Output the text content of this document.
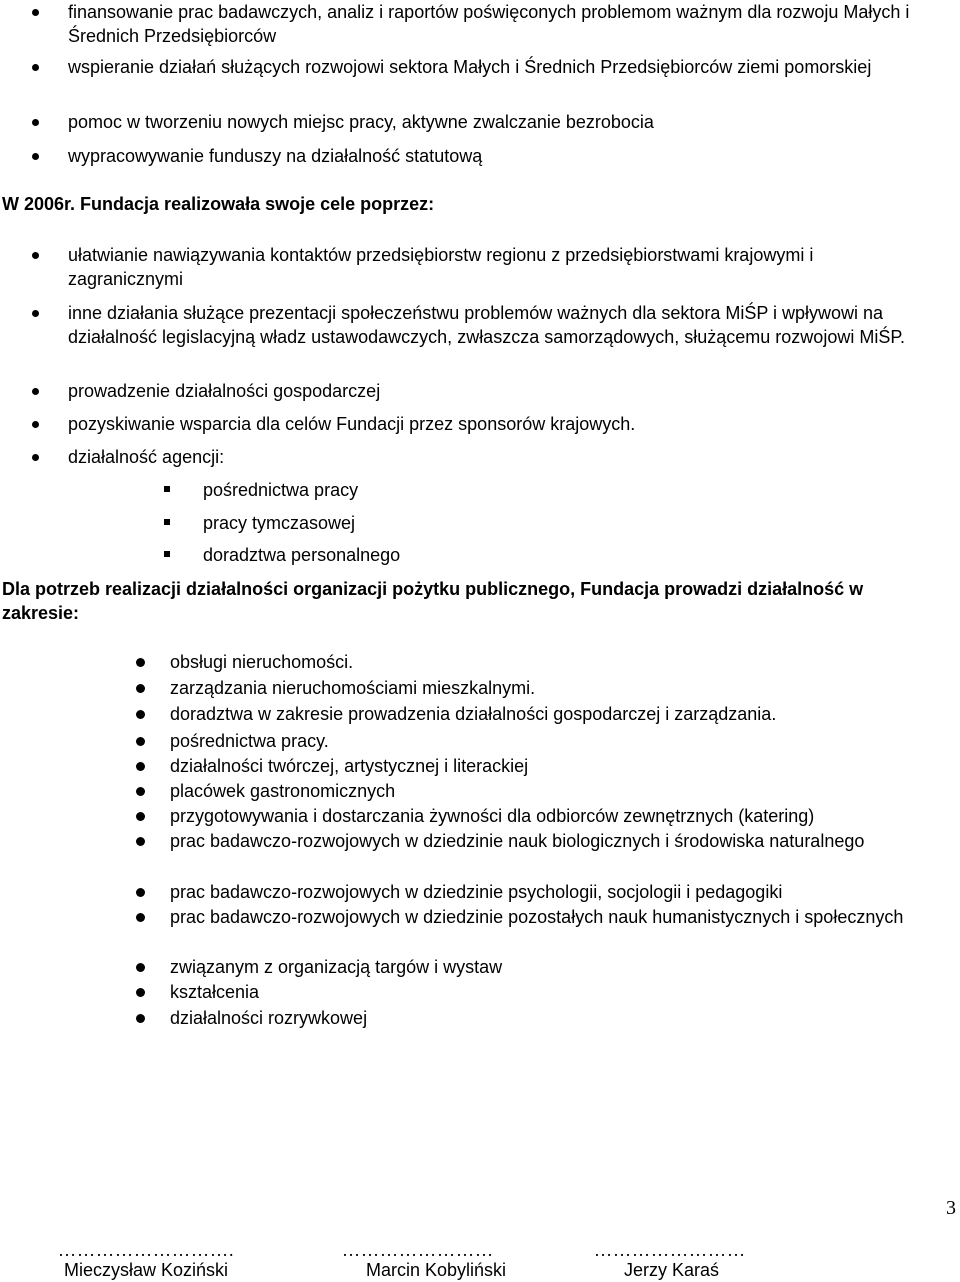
finansowanie prac badawczych, analiz i raportów poświęconych problemom ważnym dla rozwoju Małych i Średnich Przedsiębiorców
wspieranie działań służących rozwojowi sektora Małych i Średnich Przedsiębiorców ziemi pomorskiej
pomoc w tworzeniu nowych miejsc pracy, aktywne zwalczanie bezrobocia
wypracowywanie funduszy na działalność statutową
W 2006r. Fundacja realizowała swoje cele poprzez:
ułatwianie nawiązywania kontaktów przedsiębiorstw regionu z przedsiębiorstwami krajowymi i zagranicznymi
inne działania służące prezentacji społeczeństwu problemów ważnych dla sektora MiŚP i wpływowi na działalność legislacyjną władz ustawodawczych, zwłaszcza samorządowych, służącemu rozwojowi MiŚP.
prowadzenie działalności gospodarczej
pozyskiwanie wsparcia dla celów Fundacji przez sponsorów krajowych.
działalność agencji:
pośrednictwa pracy
pracy tymczasowej
doradztwa personalnego
Dla potrzeb realizacji działalności organizacji pożytku publicznego, Fundacja prowadzi działalność w zakresie:
obsługi nieruchomości.
zarządzania nieruchomościami mieszkalnymi.
doradztwa w zakresie prowadzenia działalności gospodarczej i zarządzania.
pośrednictwa pracy.
działalności twórczej, artystycznej i literackiej
placówek gastronomicznych
przygotowywania i dostarczania żywności dla odbiorców zewnętrznych (katering)
prac badawczo-rozwojowych w dziedzinie nauk biologicznych i środowiska naturalnego
prac badawczo-rozwojowych w dziedzinie psychologii, socjologii i pedagogiki
prac badawczo-rozwojowych w dziedzinie pozostałych nauk humanistycznych i społecznych
związanym z organizacją targów i wystaw
kształcenia
działalności rozrywkowej
3
……………………….
Mieczysław Koziński
……………………
Marcin Kobyliński
……………………
Jerzy Karaś
